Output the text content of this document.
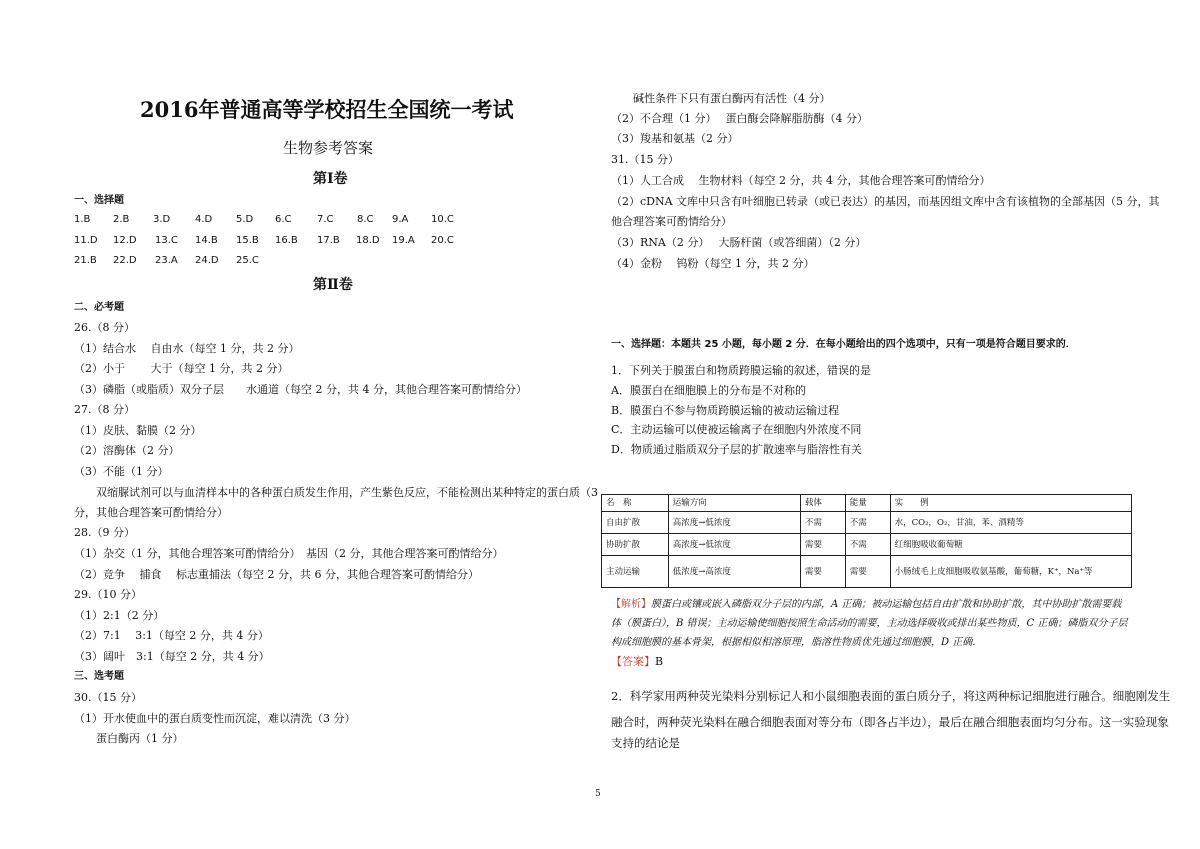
2016年普通高等学校招生全国统一考试
生物参考答案
第Ⅰ卷
一、选择题
1.B 2.B 3.D 4.D 5.D 6.C	7.C 8.C 9.A 10.C
11.D 12.D 13.C 14.B 15.B 16.B 17.B 18.D 19.A 20.C
21.B 22.D 23.A 24.D 25.C
第Ⅱ卷
二、必考题
26.（8 分）
（1）结合水　 自由水（每空 1 分，共 2 分）
（2）小于　　 大于（每空 1 分，共 2 分）
（3）磷脂（或脂质）双分子层　　水通道（每空 2 分，共 4 分，其他合理答案可酌情给分）
27.（8 分）
（1）皮肤、黏膜（2 分）
（2）溶酶体（2 分）
（3）不能（1 分）
　　双缩脲试剂可以与血清样本中的各种蛋白质发生作用，产生紫色反应，不能检测出某种特定的蛋白质（3
分，其他合理答案可酌情给分）
28.（9 分）
（1）杂交（1 分，其他合理答案可酌情给分）　基因（2 分，其他合理答案可酌情给分）
（2）竞争　 捕食　 标志重捕法（每空 2 分，共 6 分，其他合理答案可酌情给分）
29.（10 分）
（1）2:1（2 分）
（2）7:1　 3:1（每空 2 分，共 4 分）
（3）阔叶　3:1（每空 2 分，共 4 分）
三、选考题
30.（15 分）
（1）开水使血中的蛋白质变性而沉淀，难以清洗（3 分）
　　蛋白酶丙（1 分）
　　碱性条件下只有蛋白酶丙有活性（4 分）
（2）不合理（1 分）　 蛋白酶会降解脂肪酶（4 分）
（3）羧基和氨基（2 分）
31.（15 分）
（1）人工合成　 生物材料（每空 2 分，共 4 分，其他合理答案可酌情给分）
（2）cDNA 文库中只含有叶细胞已转录（或已表达）的基因，而基因组文库中含有该植物的全部基因（5 分，其
他合理答案可酌情给分）
（3）RNA（2 分）　 大肠杆菌（或答细菌）（2 分）
（4）金粉　 钨粉（每空 1 分，共 2 分）
一、选择题：本题共 25 小题，每小题 2 分．在每小题给出的四个选项中，只有一项是符合题目要求的．
1．下列关于膜蛋白和物质跨膜运输的叙述，错误的是
A．膜蛋白在细胞膜上的分布是不对称的
B．膜蛋白不参与物质跨膜运输的被动运输过程
C．主动运输可以使被运输离子在细胞内外浓度不同
D．物质通过脂质双分子层的扩散速率与脂溶性有关
名　称	运输方向	载体	能量	实　　例
自由扩散	高浓度→低浓度	不需	不需	水，CO₂，O₂，甘油，苯、酒精等
协助扩散	高浓度→低浓度	需要	不需	红细胞吸收葡萄糖
主动运输	低浓度→高浓度	需要	需要	小肠绒毛上皮细胞吸收氨基酸，葡萄糖，K⁺，Na⁺等
【解析】膜蛋白或镶或嵌入磷脂双分子层的内部，A 正确；被动运输包括自由扩散和协助扩散，其中协助扩散需要载体（膜蛋白），B 错误；主动运输使细胞按照生命活动的需要，主动选择吸收或排出某些物质，C 正确；磷脂双分子层构成细胞膜的基本骨架，根据相似相溶原理，脂溶性物质优先通过细胞膜，D 正确．
【答案】B
2．科学家用两种荧光染料分别标记人和小鼠细胞表面的蛋白质分子，将这两种标记细胞进行融合。细胞刚发生
融合时，两种荧光染料在融合细胞表面对等分布（即各占半边），最后在融合细胞表面均匀分布。这一实验现象
支持的结论是
5
